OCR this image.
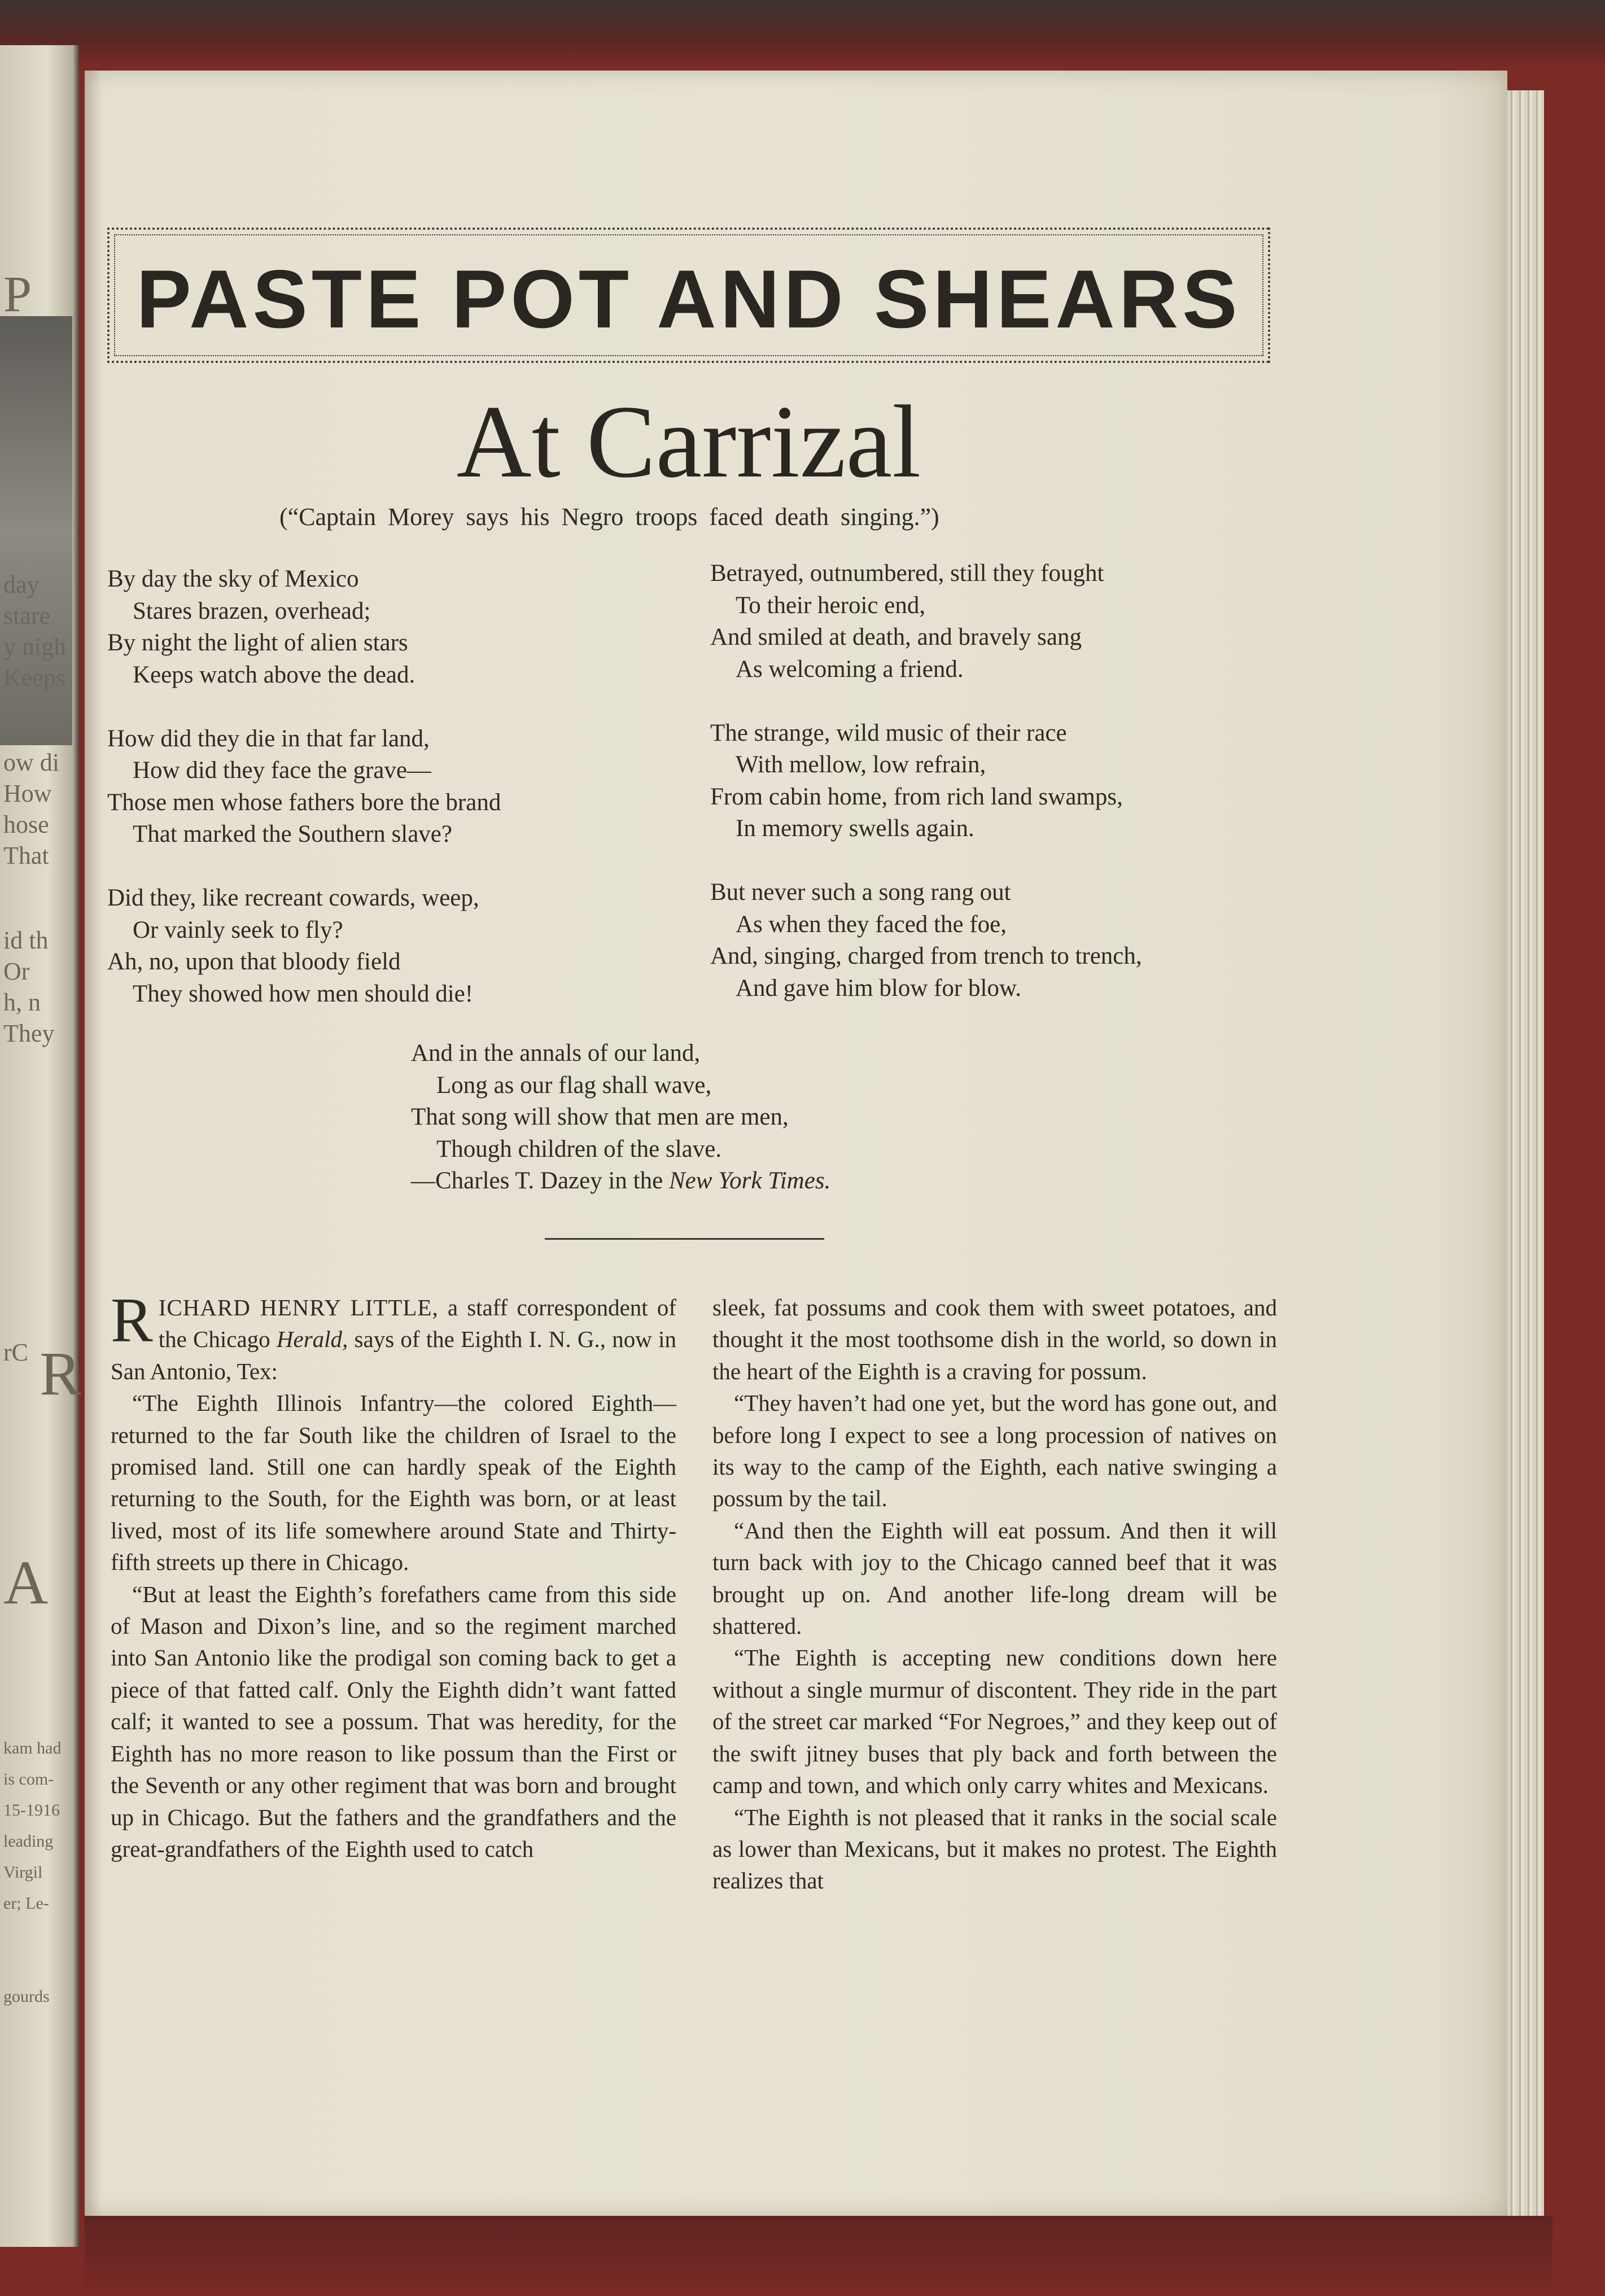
P
day
stare
y nigh
Keeps
ow di
How
hose
That
id th
Or
h, n
They
rC R
A
kam had
is com-
15-1916
leading
Virgil
er; Le-
gourds
PASTE POT AND SHEARS
At Carrizal
(“Captain Morey says his Negro troops faced death singing.”)
By day the sky of Mexico
Stares brazen, overhead;
By night the light of alien stars
Keeps watch above the dead.
How did they die in that far land,
How did they face the grave—
Those men whose fathers bore the brand
That marked the Southern slave?
Did they, like recreant cowards, weep,
Or vainly seek to fly?
Ah, no, upon that bloody field
They showed how men should die!
Betrayed, outnumbered, still they fought
To their heroic end,
And smiled at death, and bravely sang
As welcoming a friend.
The strange, wild music of their race
With mellow, low refrain,
From cabin home, from rich land swamps,
In memory swells again.
But never such a song rang out
As when they faced the foe,
And, singing, charged from trench to trench,
And gave him blow for blow.
And in the annals of our land,
Long as our flag shall wave,
That song will show that men are men,
Though children of the slave.
—Charles T. Dazey in the New York Times.

RICHARD HENRY LITTLE, a staff correspondent of the Chicago Herald, says of the Eighth I. N. G., now in San Antonio, Tex:

“The Eighth Illinois Infantry—the colored Eighth—returned to the far South like the children of Israel to the promised land. Still one can hardly speak of the Eighth returning to the South, for the Eighth was born, or at least lived, most of its life somewhere around State and Thirty-fifth streets up there in Chicago.

“But at least the Eighth’s forefathers came from this side of Mason and Dixon’s line, and so the regiment marched into San Antonio like the prodigal son coming back to get a piece of that fatted calf. Only the Eighth didn’t want fatted calf; it wanted to see a possum. That was heredity, for the Eighth has no more reason to like possum than the First or the Seventh or any other regiment that was born and brought up in Chicago. But the fathers and the grandfathers and the great-grandfathers of the Eighth used to catch

sleek, fat possums and cook them with sweet potatoes, and thought it the most toothsome dish in the world, so down in the heart of the Eighth is a craving for possum.

“They haven’t had one yet, but the word has gone out, and before long I expect to see a long procession of natives on its way to the camp of the Eighth, each native swinging a possum by the tail.

“And then the Eighth will eat possum. And then it will turn back with joy to the Chicago canned beef that it was brought up on. And another life-long dream will be shattered.

“The Eighth is accepting new conditions down here without a single murmur of discontent. They ride in the part of the street car marked “For Negroes,” and they keep out of the swift jitney buses that ply back and forth between the camp and town, and which only carry whites and Mexicans.

“The Eighth is not pleased that it ranks in the social scale as lower than Mexicans, but it makes no protest. The Eighth realizes that
